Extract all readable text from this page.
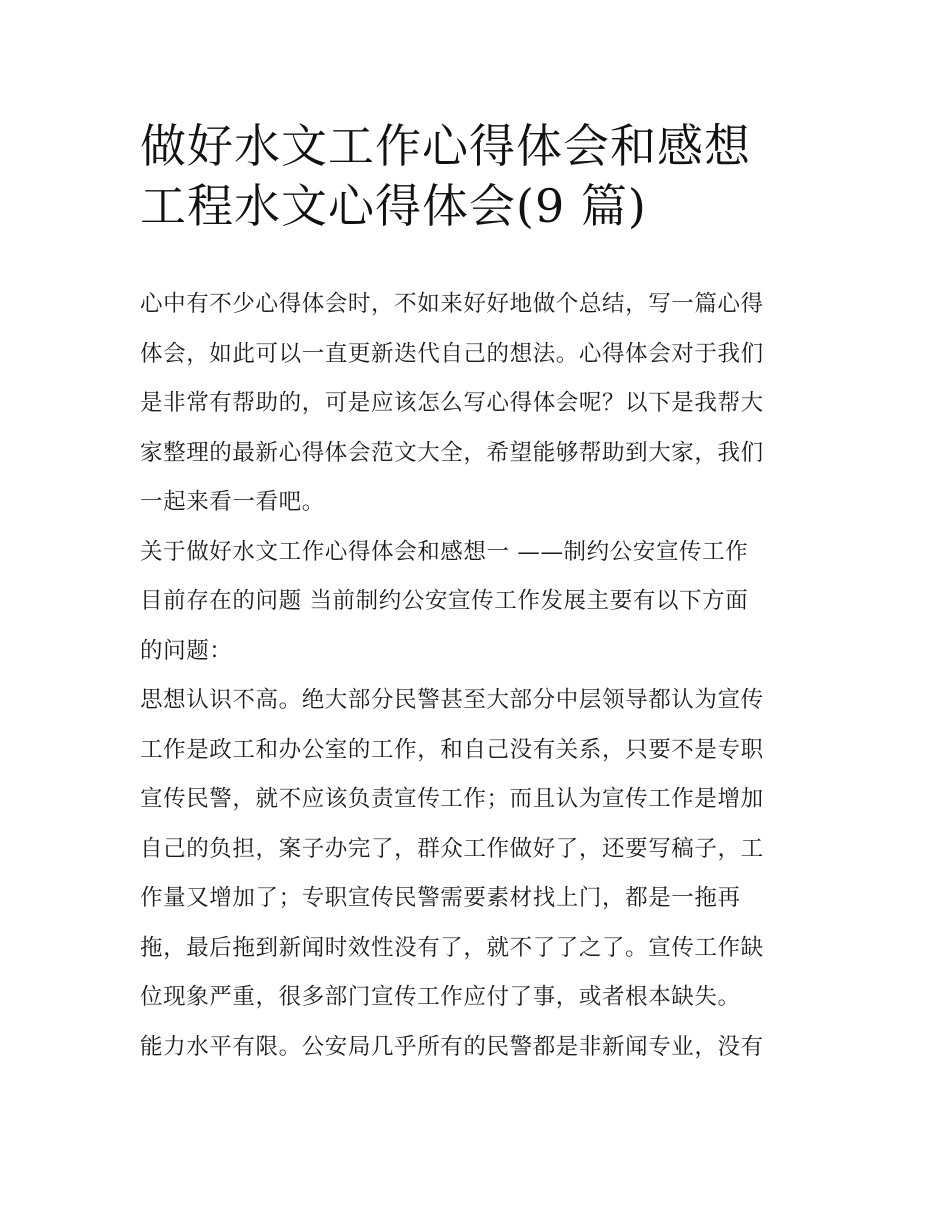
做好水文工作心得体会和感想
工程水文心得体会(9 篇)
心中有不少心得体会时，不如来好好地做个总结，写一篇心得
体会，如此可以一直更新迭代自己的想法。心得体会对于我们
是非常有帮助的，可是应该怎么写心得体会呢？以下是我帮大
家整理的最新心得体会范文大全，希望能够帮助到大家，我们
一起来看一看吧。
关于做好水文工作心得体会和感想一 ——制约公安宣传工作
目前存在的问题 当前制约公安宣传工作发展主要有以下方面
的问题：
思想认识不高。绝大部分民警甚至大部分中层领导都认为宣传
工作是政工和办公室的工作，和自己没有关系，只要不是专职
宣传民警，就不应该负责宣传工作；而且认为宣传工作是增加
自己的负担，案子办完了，群众工作做好了，还要写稿子，工
作量又增加了；专职宣传民警需要素材找上门，都是一拖再
拖，最后拖到新闻时效性没有了，就不了了之了。宣传工作缺
位现象严重，很多部门宣传工作应付了事，或者根本缺失。
能力水平有限。公安局几乎所有的民警都是非新闻专业，没有
